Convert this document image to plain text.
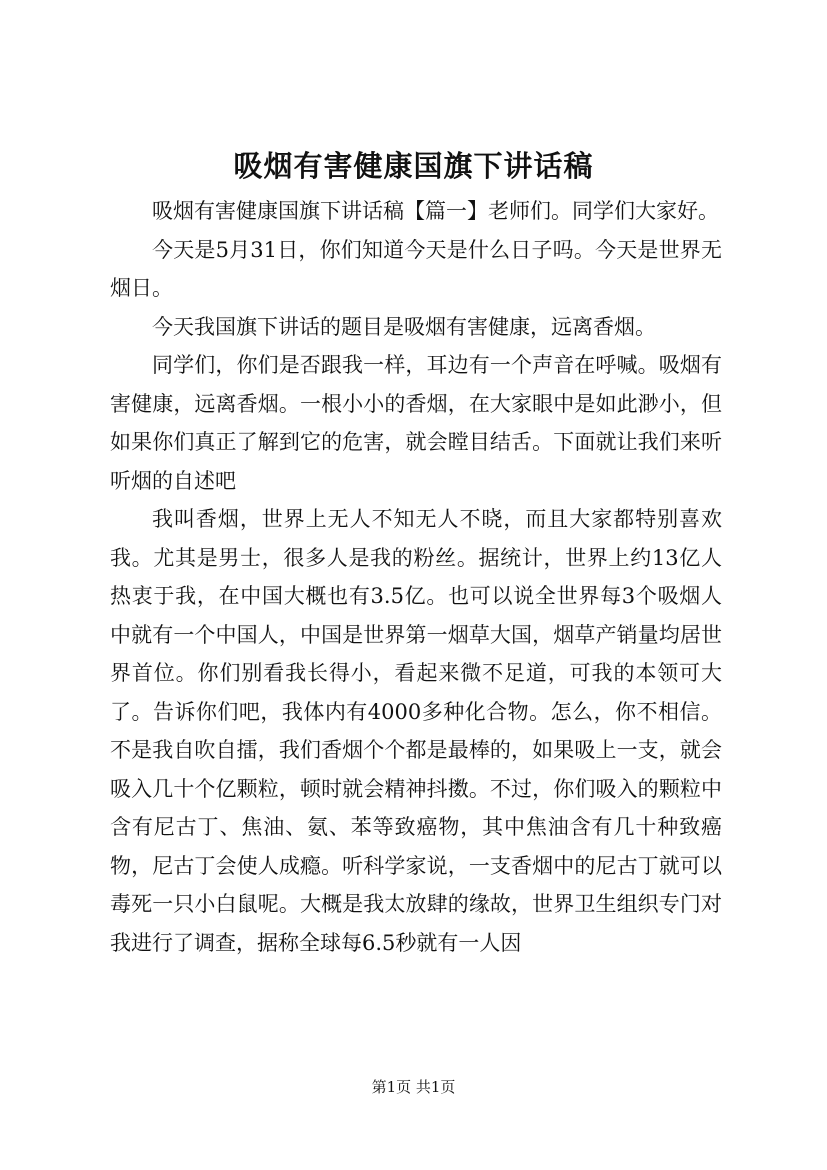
吸烟有害健康国旗下讲话稿

吸烟有害健康国旗下讲话稿【篇一】老师们。同学们大家好。

今天是5月31日，你们知道今天是什么日子吗。今天是世界无烟日。

今天我国旗下讲话的题目是吸烟有害健康，远离香烟。

同学们，你们是否跟我一样，耳边有一个声音在呼喊。吸烟有害健康，远离香烟。一根小小的香烟，在大家眼中是如此渺小，但如果你们真正了解到它的危害，就会瞠目结舌。下面就让我们来听听烟的自述吧

我叫香烟，世界上无人不知无人不晓，而且大家都特别喜欢我。尤其是男士，很多人是我的粉丝。据统计，世界上约13亿人热衷于我，在中国大概也有3.5亿。也可以说全世界每3个吸烟人中就有一个中国人，中国是世界第一烟草大国，烟草产销量均居世界首位。你们别看我长得小，看起来微不足道，可我的本领可大了。告诉你们吧，我体内有4000多种化合物。怎么，你不相信。不是我自吹自擂，我们香烟个个都是最棒的，如果吸上一支，就会吸入几十个亿颗粒，顿时就会精神抖擞。不过，你们吸入的颗粒中含有尼古丁、焦油、氨、苯等致癌物，其中焦油含有几十种致癌物，尼古丁会使人成瘾。听科学家说，一支香烟中的尼古丁就可以毒死一只小白鼠呢。大概是我太放肆的缘故，世界卫生组织专门对我进行了调查，据称全球每6.5秒就有一人因

第1页 共1页
